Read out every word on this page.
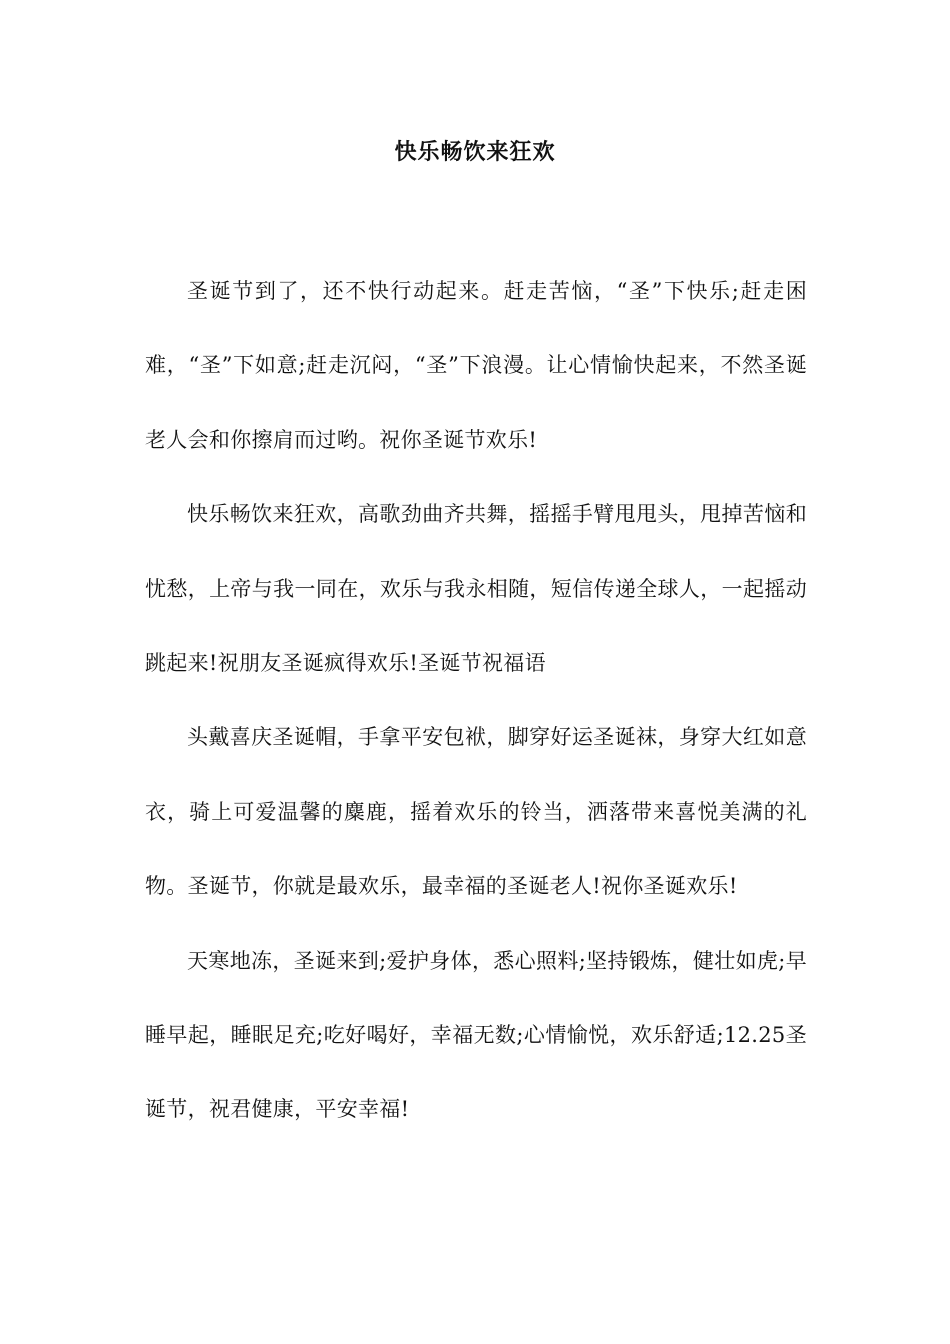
快乐畅饮来狂欢

圣诞节到了，还不快行动起来。赶走苦恼，“圣”下快乐;赶走困难，“圣”下如意;赶走沉闷，“圣”下浪漫。让心情愉快起来，不然圣诞老人会和你擦肩而过哟。祝你圣诞节欢乐!

快乐畅饮来狂欢，高歌劲曲齐共舞，摇摇手臂甩甩头，甩掉苦恼和忧愁，上帝与我一同在，欢乐与我永相随，短信传递全球人，一起摇动跳起来!祝朋友圣诞疯得欢乐!圣诞节祝福语

头戴喜庆圣诞帽，手拿平安包袱，脚穿好运圣诞袜，身穿大红如意衣，骑上可爱温馨的麋鹿，摇着欢乐的铃当，洒落带来喜悦美满的礼物。圣诞节，你就是最欢乐，最幸福的圣诞老人!祝你圣诞欢乐!

天寒地冻，圣诞来到;爱护身体，悉心照料;坚持锻炼，健壮如虎;早睡早起，睡眠足充;吃好喝好，幸福无数;心情愉悦，欢乐舒适;12.25圣诞节，祝君健康，平安幸福!
